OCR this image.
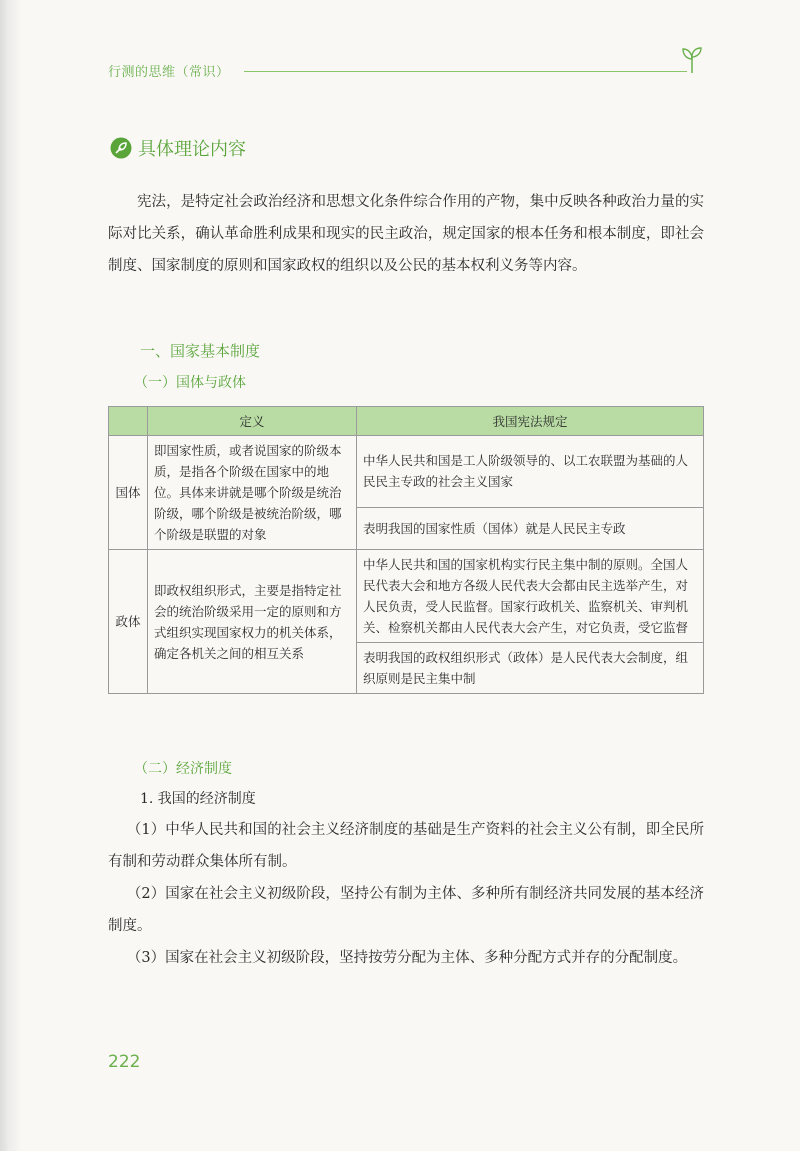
行测的思维（常识）
具体理论内容

宪法，是特定社会政治经济和思想文化条件综合作用的产物，集中反映各种政治力量的实际对比关系，确认革命胜利成果和现实的民主政治，规定国家的根本任务和根本制度，即社会制度、国家制度的原则和国家政权的组织以及公民的基本权利义务等内容。

一、国家基本制度
（一）国体与政体
	定义	我国宪法规定
国体	即国家性质，或者说国家的阶级本质，是指各个阶级在国家中的地位。具体来讲就是哪个阶级是统治阶级，哪个阶级是被统治阶级，哪个阶级是联盟的对象	中华人民共和国是工人阶级领导的、以工农联盟为基础的人民民主专政的社会主义国家
		表明我国的国家性质（国体）就是人民民主专政
政体	即政权组织形式，主要是指特定社会的统治阶级采用一定的原则和方式组织实现国家权力的机关体系，确定各机关之间的相互关系	中华人民共和国的国家机构实行民主集中制的原则。全国人民代表大会和地方各级人民代表大会都由民主选举产生，对人民负责，受人民监督。国家行政机关、监察机关、审判机关、检察机关都由人民代表大会产生，对它负责，受它监督
		表明我国的政权组织形式（政体）是人民代表大会制度，组织原则是民主集中制
（二）经济制度
1. 我国的经济制度

（1）中华人民共和国的社会主义经济制度的基础是生产资料的社会主义公有制，即全民所有制和劳动群众集体所有制。

（2）国家在社会主义初级阶段，坚持公有制为主体、多种所有制经济共同发展的基本经济制度。

（3）国家在社会主义初级阶段，坚持按劳分配为主体、多种分配方式并存的分配制度。

222
